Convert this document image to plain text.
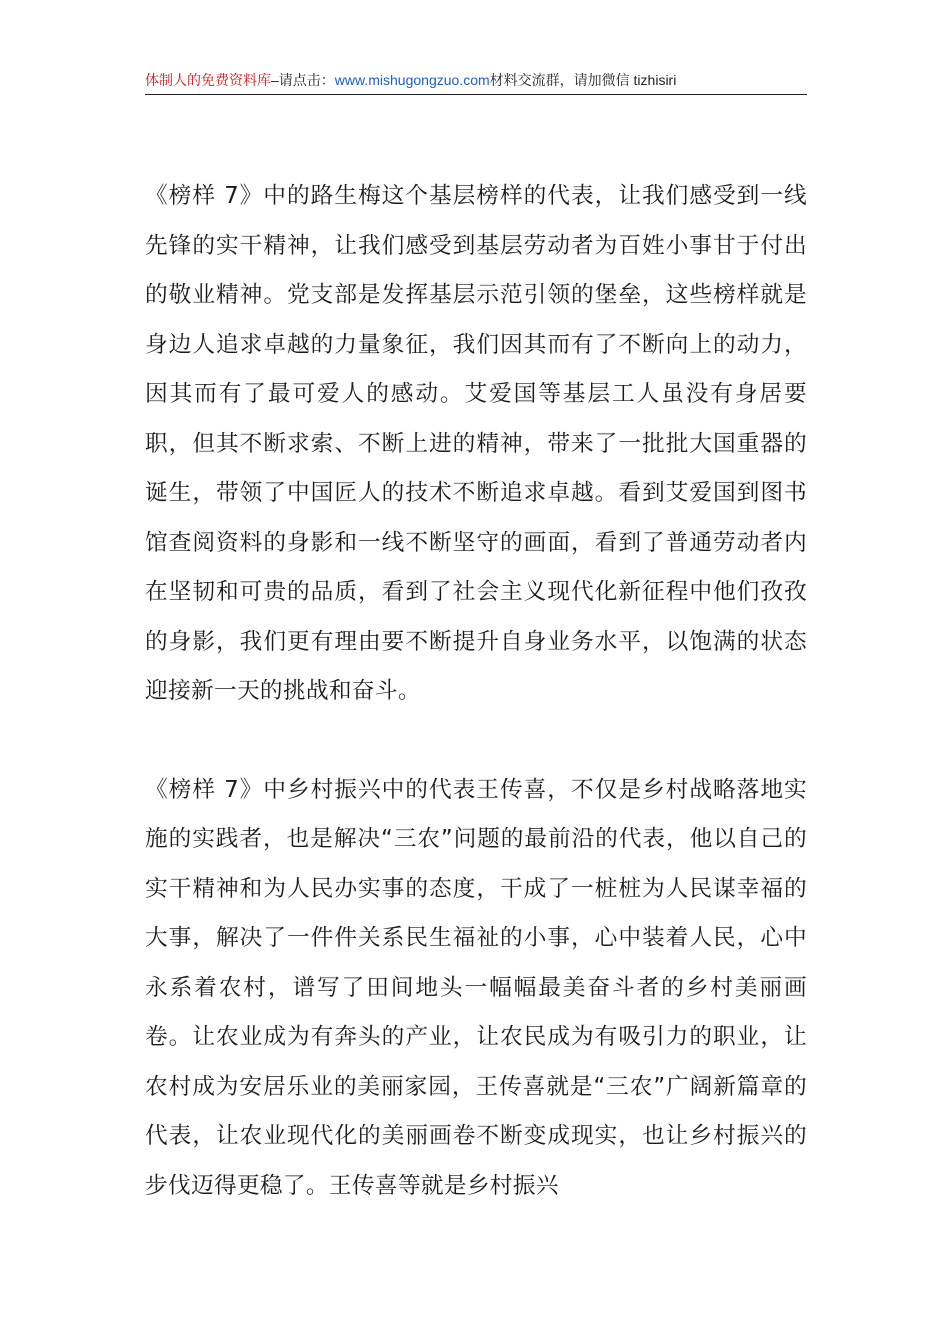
体制人的免费资料库–请点击：www.mishugongzuo.com材料交流群，请加微信 tizhisiri

《榜样 7》中的路生梅这个基层榜样的代表，让我们感受到一线先锋的实干精神，让我们感受到基层劳动者为百姓小事甘于付出的敬业精神。党支部是发挥基层示范引领的堡垒，这些榜样就是身边人追求卓越的力量象征，我们因其而有了不断向上的动力，因其而有了最可爱人的感动。艾爱国等基层工人虽没有身居要职，但其不断求索、不断上进的精神，带来了一批批大国重器的诞生，带领了中国匠人的技术不断追求卓越。看到艾爱国到图书馆查阅资料的身影和一线不断坚守的画面，看到了普通劳动者内在坚韧和可贵的品质，看到了社会主义现代化新征程中他们孜孜的身影，我们更有理由要不断提升自身业务水平，以饱满的状态迎接新一天的挑战和奋斗。

《榜样 7》中乡村振兴中的代表王传喜，不仅是乡村战略落地实施的实践者，也是解决“三农”问题的最前沿的代表，他以自己的实干精神和为人民办实事的态度，干成了一桩桩为人民谋幸福的大事，解决了一件件关系民生福祉的小事，心中装着人民，心中永系着农村，谱写了田间地头一幅幅最美奋斗者的乡村美丽画卷。让农业成为有奔头的产业，让农民成为有吸引力的职业，让农村成为安居乐业的美丽家园，王传喜就是“三农”广阔新篇章的代表，让农业现代化的美丽画卷不断变成现实，也让乡村振兴的步伐迈得更稳了。王传喜等就是乡村振兴
